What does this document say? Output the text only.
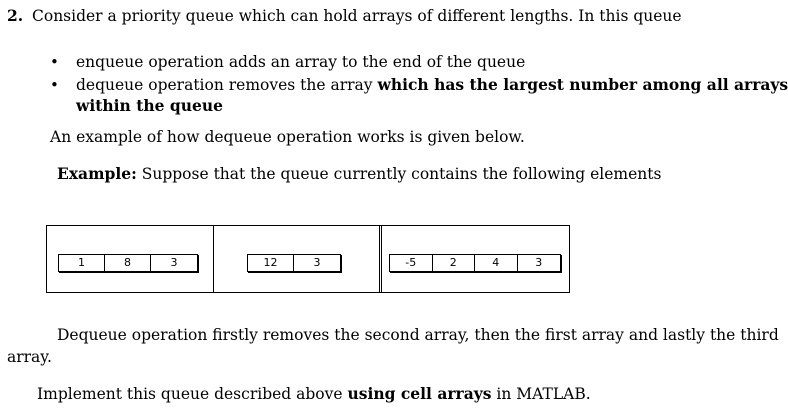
2. Consider a priority queue which can hold arrays of different lengths. In this queue
• enqueue operation adds an array to the end of the queue
• dequeue operation removes the array which has the largest number among all arrays
within the queue
An example of how dequeue operation works is given below.
Example: Suppose that the queue currently contains the following elements
1	8	3	12	3	-5	2	4	3
Dequeue operation firstly removes the second array, then the first array and lastly the third
array.
Implement this queue described above using cell arrays in MATLAB.
